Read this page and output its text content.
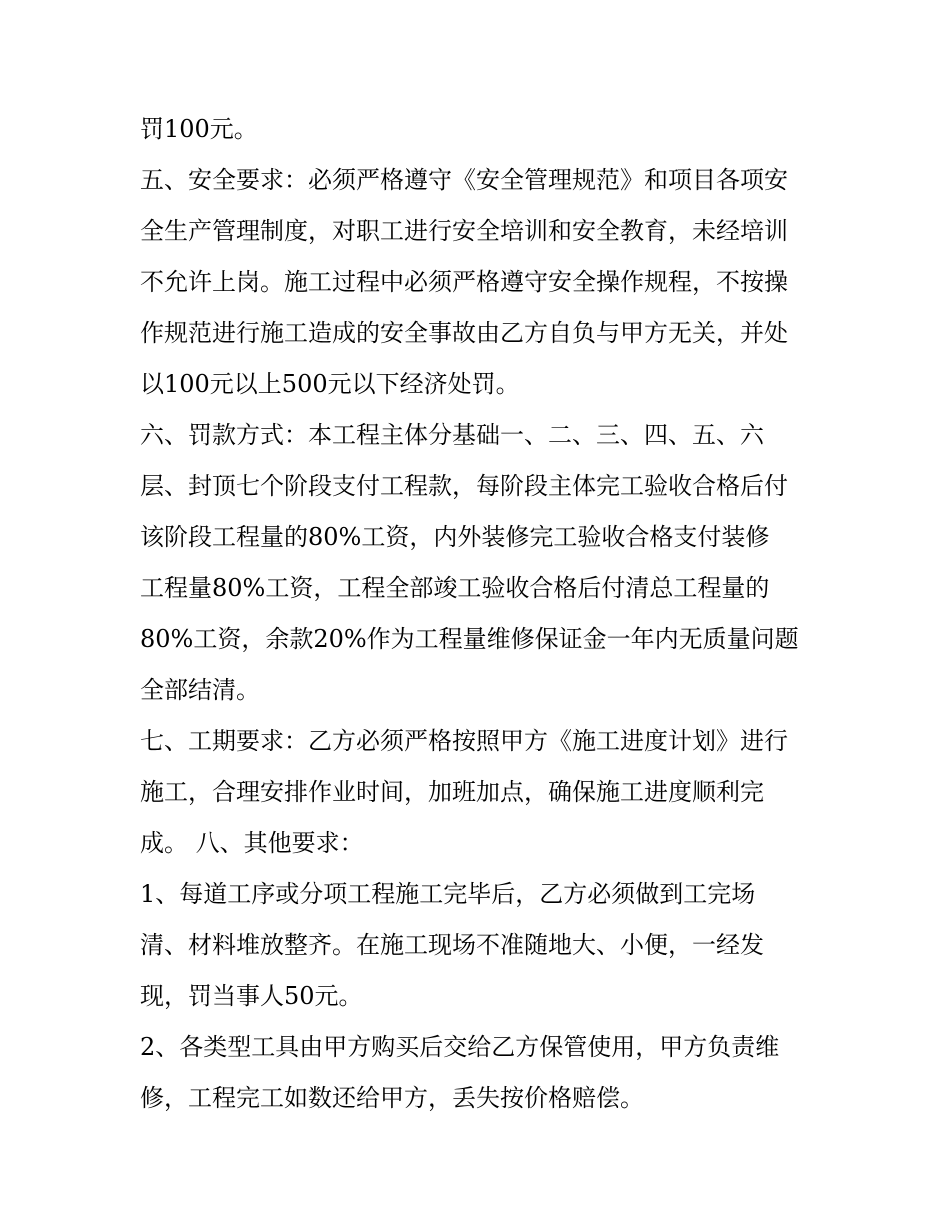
罚100元。
五、安全要求：必须严格遵守《安全管理规范》和项目各项安
全生产管理制度，对职工进行安全培训和安全教育，未经培训
不允许上岗。施工过程中必须严格遵守安全操作规程，不按操
作规范进行施工造成的安全事故由乙方自负与甲方无关，并处
以100元以上500元以下经济处罚。
六、罚款方式：本工程主体分基础一、二、三、四、五、六
层、封顶七个阶段支付工程款，每阶段主体完工验收合格后付
该阶段工程量的80%工资，内外装修完工验收合格支付装修
工程量80%工资，工程全部竣工验收合格后付清总工程量的
80%工资，余款20%作为工程量维修保证金一年内无质量问题
全部结清。
七、工期要求：乙方必须严格按照甲方《施工进度计划》进行
施工，合理安排作业时间，加班加点，确保施工进度顺利完
成。 八、其他要求：
1、每道工序或分项工程施工完毕后，乙方必须做到工完场
清、材料堆放整齐。在施工现场不准随地大、小便，一经发
现，罚当事人50元。
2、各类型工具由甲方购买后交给乙方保管使用，甲方负责维
修，工程完工如数还给甲方，丢失按价格赔偿。
